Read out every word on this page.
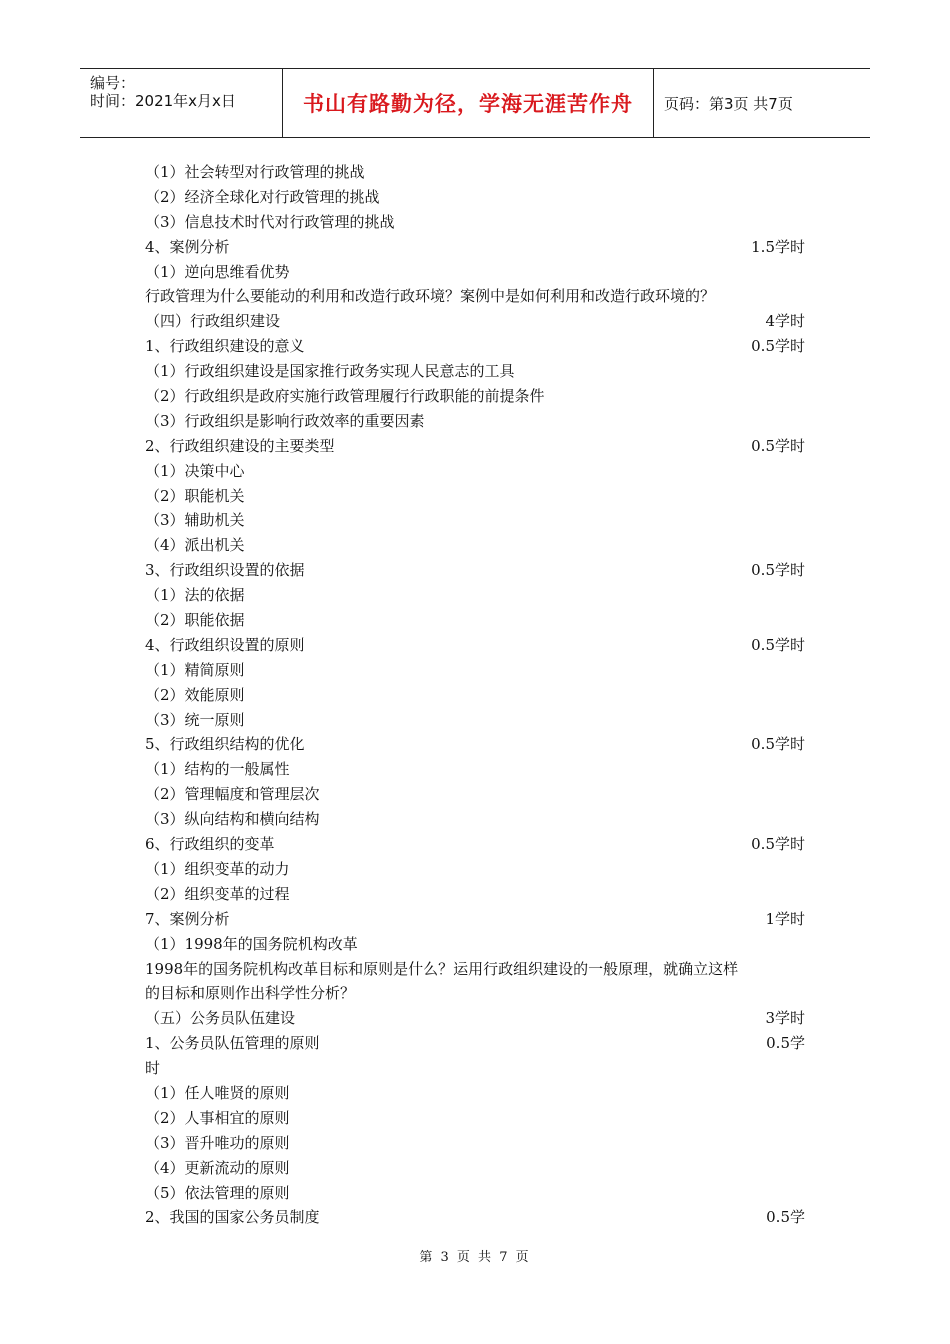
编号：
时间：2021年x月x日	书山有路勤为径，学海无涯苦作舟 页码：第3页 共7页
（1）社会转型对行政管理的挑战
（2）经济全球化对行政管理的挑战
（3）信息技术时代对行政管理的挑战
4、案例分析	1.5学时
（1）逆向思维看优势
行政管理为什么要能动的利用和改造行政环境？案例中是如何利用和改造行政环境的？
（四）行政组织建设	4学时
1、行政组织建设的意义	0.5学时
（1）行政组织建设是国家推行政务实现人民意志的工具
（2）行政组织是政府实施行政管理履行行政职能的前提条件
（3）行政组织是影响行政效率的重要因素
2、行政组织建设的主要类型	0.5学时
（1）决策中心
（2）职能机关
（3）辅助机关
（4）派出机关
3、行政组织设置的依据	0.5学时
（1）法的依据
（2）职能依据
4、行政组织设置的原则	0.5学时
（1）精简原则
（2）效能原则
（3）统一原则
5、行政组织结构的优化	0.5学时
（1）结构的一般属性
（2）管理幅度和管理层次
（3）纵向结构和横向结构
6、行政组织的变革	0.5学时
（1）组织变革的动力
（2）组织变革的过程
7、案例分析	1学时
（1）1998年的国务院机构改革
1998年的国务院机构改革目标和原则是什么？运用行政组织建设的一般原理，就确立这样
的目标和原则作出科学性分析？
（五）公务员队伍建设	3学时
1、公务员队伍管理的原则	0.5学
时
（1）任人唯贤的原则
（2）人事相宜的原则
（3）晋升唯功的原则
（4）更新流动的原则
（5）依法管理的原则
2、我国的国家公务员制度	0.5学
第 3 页 共 7 页
